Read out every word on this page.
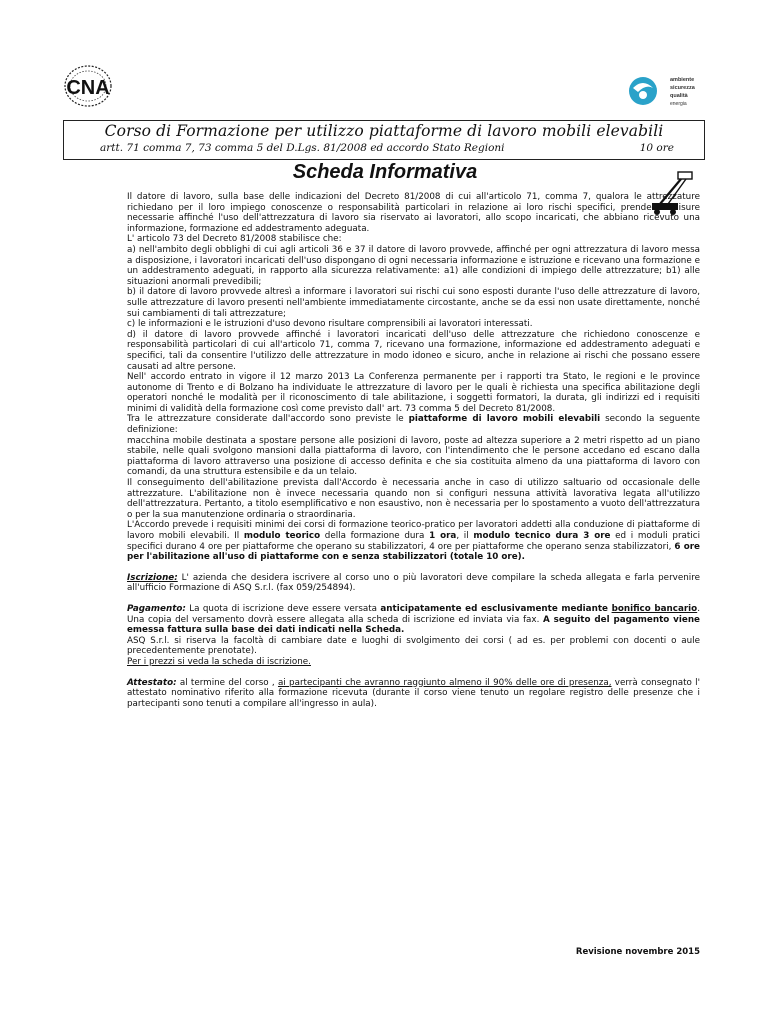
CNA	ambiente
sicurezza
qualità
energia
Corso di Formazione per utilizzo piattaforme di lavoro mobili elevabili
artt. 71 comma 7, 73 comma 5 del D.Lgs. 81/2008 ed accordo Stato Regioni	10 ore
Scheda Informativa

Il datore di lavoro, sulla base delle indicazioni del Decreto 81/2008 di cui all'articolo 71, comma 7, qualora le attrezzature richiedano per il loro impiego conoscenze o responsabilità particolari in relazione ai loro rischi specifici, prende le misure necessarie affinché l'uso dell'attrezzatura di lavoro sia riservato ai lavoratori, allo scopo incaricati, che abbiano ricevuto una informazione, formazione ed addestramento adeguata.

L' articolo 73 del Decreto 81/2008 stabilisce che:

a) nell'ambito degli obblighi di cui agli articoli 36 e 37 il datore di lavoro provvede, affinché per ogni attrezzatura di lavoro messa a disposizione, i lavoratori incaricati dell'uso dispongano di ogni necessaria informazione e istruzione e ricevano una formazione e un addestramento adeguati, in rapporto alla sicurezza relativamente: a1) alle condizioni di impiego delle attrezzature; b1) alle situazioni anormali prevedibili;

b) il datore di lavoro provvede altresì a informare i lavoratori sui rischi cui sono esposti durante l'uso delle attrezzature di lavoro, sulle attrezzature di lavoro presenti nell'ambiente immediatamente circostante, anche se da essi non usate direttamente, nonché sui cambiamenti di tali attrezzature;

c) le informazioni e le istruzioni d'uso devono risultare comprensibili ai lavoratori interessati.

d) il datore di lavoro provvede affinché i lavoratori incaricati dell'uso delle attrezzature che richiedono conoscenze e responsabilità particolari di cui all'articolo 71, comma 7, ricevano una formazione, informazione ed addestramento adeguati e specifici, tali da consentire l'utilizzo delle attrezzature in modo idoneo e sicuro, anche in relazione ai rischi che possano essere causati ad altre persone.

Nell' accordo entrato in vigore il 12 marzo 2013 La Conferenza permanente per i rapporti tra Stato, le regioni e le province autonome di Trento e di Bolzano ha individuate le attrezzature di lavoro per le quali è richiesta una specifica abilitazione degli operatori nonché le modalità per il riconoscimento di tale abilitazione, i soggetti formatori, la durata, gli indirizzi ed i requisiti minimi di validità della formazione così come previsto dall' art. 73 comma 5 del Decreto 81/2008.

Tra le attrezzature considerate dall'accordo sono previste le piattaforme di lavoro mobili elevabili secondo la seguente definizione:

macchina mobile destinata a spostare persone alle posizioni di lavoro, poste ad altezza superiore a 2 metri rispetto ad un piano stabile, nelle quali svolgono mansioni dalla piattaforma di lavoro, con l'intendimento che le persone accedano ed escano dalla piattaforma di lavoro attraverso una posizione di accesso definita e che sia costituita almeno da una piattaforma di lavoro con comandi, da una struttura estensibile e da un telaio.

Il conseguimento dell'abilitazione prevista dall'Accordo è necessaria anche in caso di utilizzo saltuario od occasionale delle attrezzature. L'abilitazione non è invece necessaria quando non si configuri nessuna attività lavorativa legata all'utilizzo dell'attrezzatura. Pertanto, a titolo esemplificativo e non esaustivo, non è necessaria per lo spostamento a vuoto dell'attrezzatura o per la sua manutenzione ordinaria o straordinaria.

L'Accordo prevede i requisiti minimi dei corsi di formazione teorico-pratico per lavoratori addetti alla conduzione di piattaforme di lavoro mobili elevabili. Il modulo teorico della formazione dura 1 ora, il modulo tecnico dura 3 ore ed i moduli pratici specifici durano 4 ore per piattaforme che operano su stabilizzatori, 4 ore per piattaforme che operano senza stabilizzatori, 6 ore per l'abilitazione all'uso di piattaforme con e senza stabilizzatori (totale 10 ore).

Iscrizione: L' azienda che desidera iscrivere al corso uno o più lavoratori deve compilare la scheda allegata e farla pervenire all'ufficio Formazione di ASQ S.r.l. (fax 059/254894).

Pagamento: La quota di iscrizione deve essere versata anticipatamente ed esclusivamente mediante bonifico bancario. Una copia del versamento dovrà essere allegata alla scheda di iscrizione ed inviata via fax. A seguito del pagamento viene emessa fattura sulla base dei dati indicati nella Scheda.

ASQ S.r.l. si riserva la facoltà di cambiare date e luoghi di svolgimento dei corsi ( ad es. per problemi con docenti o aule precedentemente prenotate).

Per i prezzi si veda la scheda di iscrizione.

Attestato: al termine del corso , ai partecipanti che avranno raggiunto almeno il 90% delle ore di presenza, verrà consegnato l' attestato nominativo riferito alla formazione ricevuta (durante il corso viene tenuto un regolare registro delle presenze che i partecipanti sono tenuti a compilare all'ingresso in aula).

Revisione novembre 2015
